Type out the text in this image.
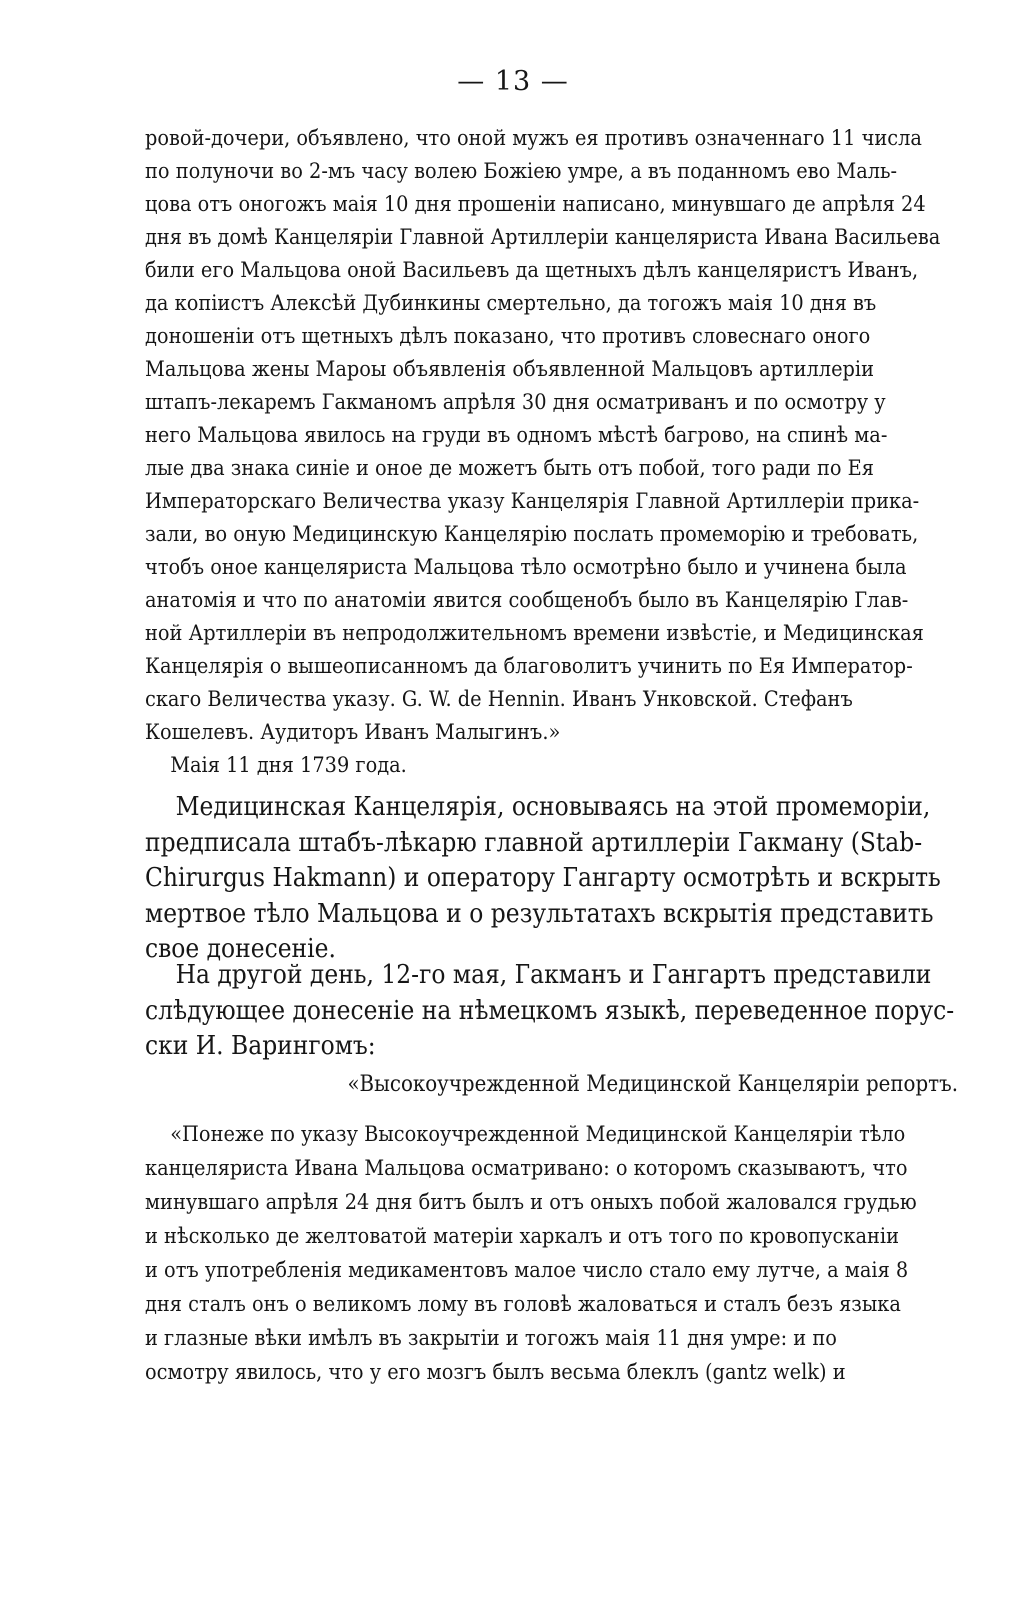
— 13 —
ровой-дочери, объявлено, что оной мужъ ея противъ означеннаго 11 числа
по полуночи во 2-мъ часу волею Божiею умре, а въ поданномъ ево Маль-
цова отъ оногожъ маiя 10 дня прошенiи написано, минувшаго де апрѣля 24
дня въ домѣ Канцелярiи Главной Артиллерiи канцеляриста Ивана Васильева
били его Мальцова оной Васильевъ да щетныхъ дѣлъ канцеляристъ Иванъ,
да копiистъ Алексѣй Дубинкины смертельно, да тогожъ маiя 10 дня въ
доношенiи отъ щетныхъ дѣлъ показано, что противъ словеснаго оного
Мальцова жены Мароы объявленiя объявленной Мальцовъ артиллерiи
штапъ-лекаремъ Гакманомъ апрѣля 30 дня осматриванъ и по осмотру у
него Мальцова явилось на груди въ одномъ мѣстѣ багрово, на спинѣ ма-
лые два знака синiе и оное де можетъ быть отъ побой, того ради по Ея
Императорскаго Величества указу Канцелярiя Главной Артиллерiи прика-
зали, во оную Медицинскую Канцелярiю послать промеморiю и требовать,
чтобъ оное канцеляриста Мальцова тѣло осмотрѣно было и учинена была
анатомiя и что по анатомiи явится сообщенобъ было въ Канцелярiю Глав-
ной Артиллерiи въ непродолжительномъ времени извѣстiе, и Медицинская
Канцелярiя о вышеописанномъ да благоволитъ учинить по Ея Император-
скаго Величества указу. G. W. de Hennin. Иванъ Унковской. Стефанъ
Кошелевъ. Аудиторъ Иванъ Малыгинъ.»
Маiя 11 дня 1739 года.
Медицинская Канцелярiя, основываясь на этой промеморiи,
предписала штабъ-лѣкарю главной артиллерiи Гакману (Stab-
Chirurgus Hakmann) и оператору Гангарту осмотрѣть и вскрыть
мертвое тѣло Мальцова и о результатахъ вскрытiя представить
свое донесенiе.
На другой день, 12-го мая, Гакманъ и Гангартъ представили
слѣдующее донесенiе на нѣмецкомъ языкѣ, переведенное порус-
ски И. Варингомъ:
«Высокоучрежденной Медицинской Канцелярiи репортъ.
«Понеже по указу Высокоучрежденной Медицинской Канцелярiи тѣло
канцеляриста Ивана Мальцова осматривано: о которомъ сказываютъ, что
минувшаго апрѣля 24 дня битъ былъ и отъ оныхъ побой жаловался грудью
и нѣсколько де желтоватой матерiи харкалъ и отъ того по кровопусканiи
и отъ употребленiя медикаментовъ малое число стало ему лутче, а маiя 8
дня сталъ онъ о великомъ лому въ головѣ жаловаться и сталъ безъ языка
и глазные вѣки имѣлъ въ закрытiи и тогожъ маiя 11 дня умре: и по
осмотру явилось, что у его мозгъ былъ весьма блеклъ (gantz welk) и
